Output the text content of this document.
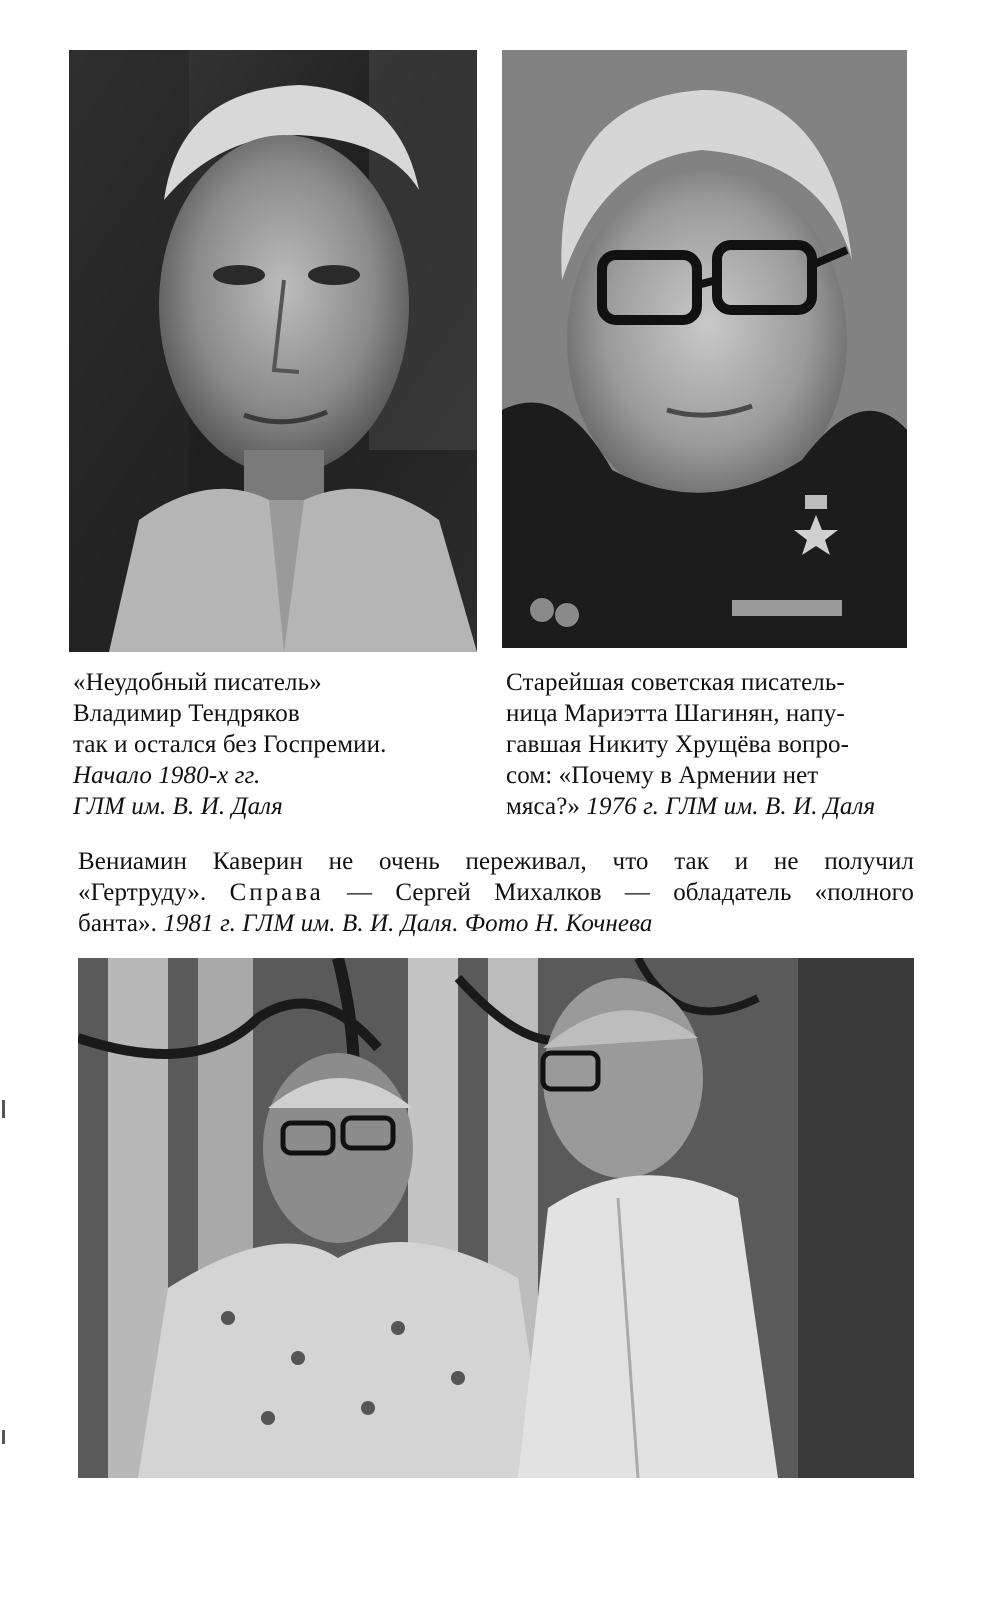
«Неудобный писатель»
Владимир Тендряков
так и остался без Госпремии.
Начало 1980-х гг.
ГЛМ им. В. И. Даля
Старейшая советская писатель-
ница Мариэтта Шагинян, напу-
гавшая Никиту Хрущёва вопро-
сом: «Почему в Армении нет
мяса?» 1976 г. ГЛМ им. В. И. Даля
Вениамин Каверин не очень переживал, что так и не получил
«Гертруду». Справа — Сергей Михалков — обладатель «полного
банта». 1981 г. ГЛМ им. В. И. Даля. Фото Н. Кочнева
